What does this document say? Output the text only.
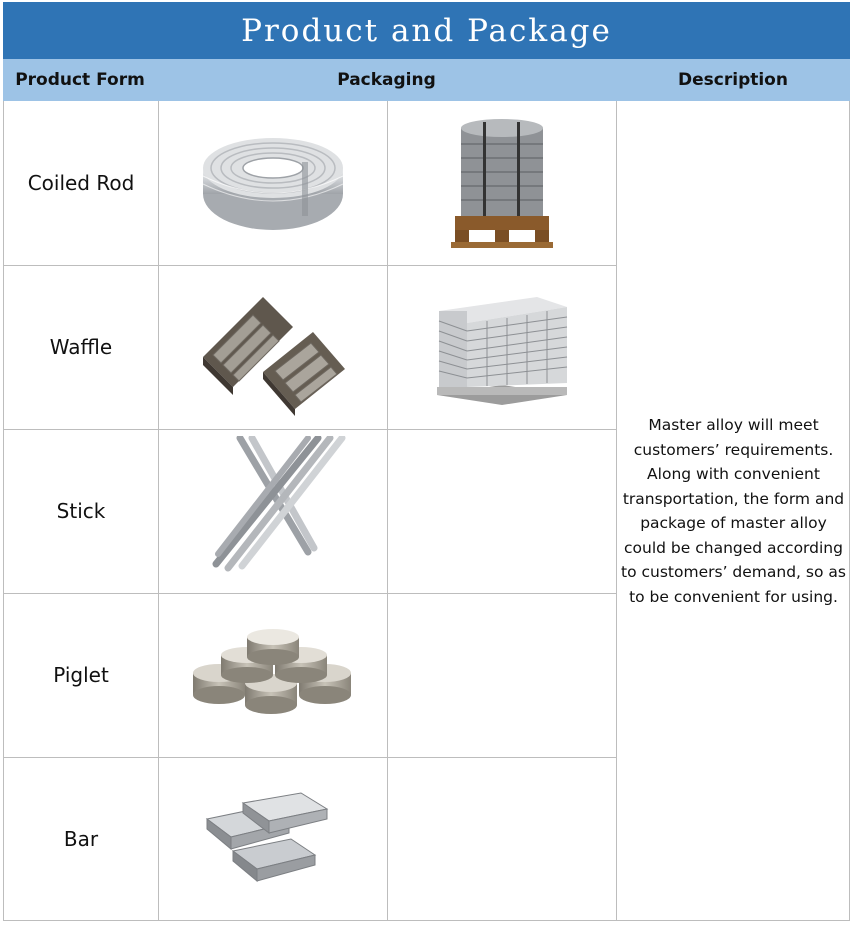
Product and Package
Product Form	Packaging	Description
Coiled Rod
Waffle
Stick
Piglet
Bar

Master alloy will meet customers’ requirements. Along with convenient transportation, the form and package of master alloy could be changed according to customers’ demand, so as to be convenient for using.
